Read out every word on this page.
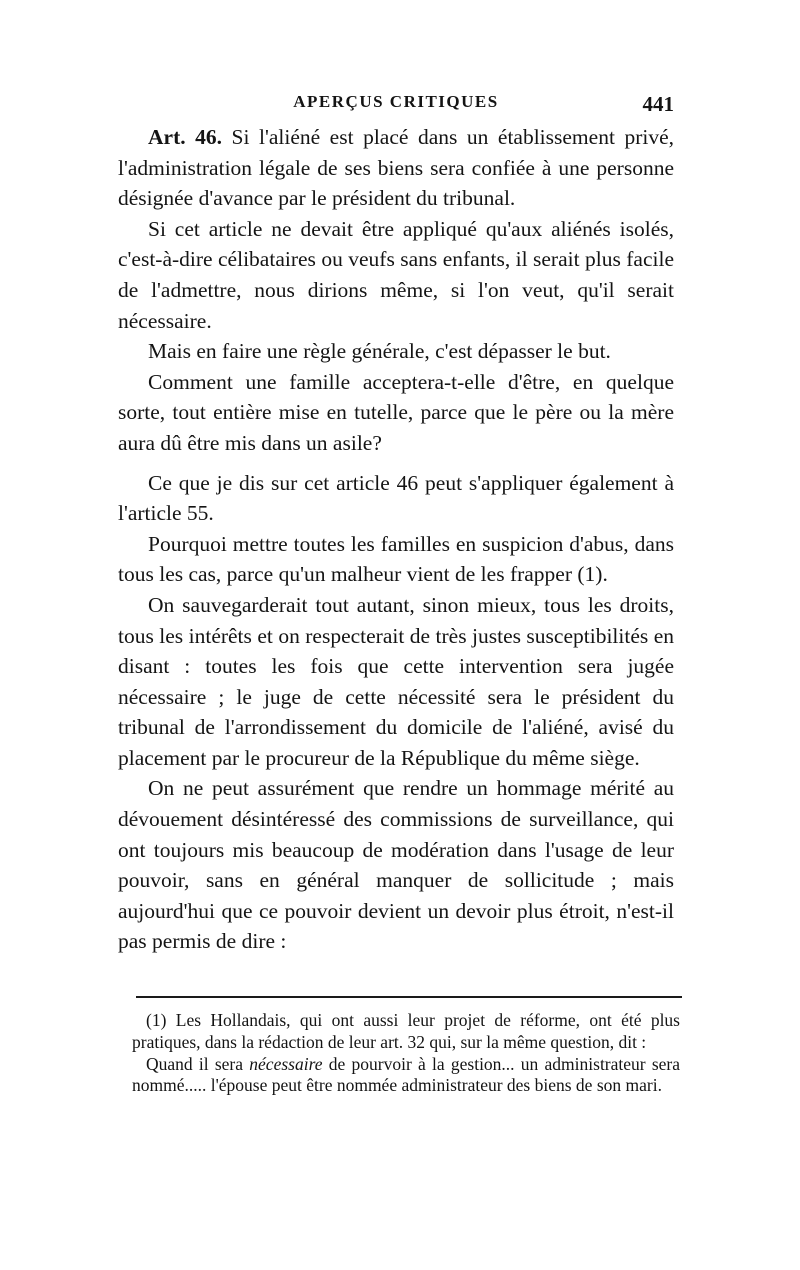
APERÇUS CRITIQUES	441

Art. 46. Si l'aliéné est placé dans un établissement privé, l'administration légale de ses biens sera confiée à une personne désignée d'avance par le président du tribunal.

Si cet article ne devait être appliqué qu'aux aliénés isolés, c'est-à-dire célibataires ou veufs sans enfants, il serait plus facile de l'admettre, nous dirions même, si l'on veut, qu'il serait nécessaire.

Mais en faire une règle générale, c'est dépasser le but.

Comment une famille acceptera-t-elle d'être, en quelque sorte, tout entière mise en tutelle, parce que le père ou la mère aura dû être mis dans un asile?

Ce que je dis sur cet article 46 peut s'appliquer également à l'article 55.

Pourquoi mettre toutes les familles en suspicion d'abus, dans tous les cas, parce qu'un malheur vient de les frapper (1).

On sauvegarderait tout autant, sinon mieux, tous les droits, tous les intérêts et on respecterait de très justes susceptibilités en disant : toutes les fois que cette intervention sera jugée nécessaire ; le juge de cette nécessité sera le président du tribunal de l'arrondissement du domicile de l'aliéné, avisé du placement par le procureur de la République du même siège.

On ne peut assurément que rendre un hommage mérité au dévouement désintéressé des commissions de surveillance, qui ont toujours mis beaucoup de modération dans l'usage de leur pouvoir, sans en général manquer de sollicitude ; mais aujourd'hui que ce pouvoir devient un devoir plus étroit, n'est-il pas permis de dire :

(1) Les Hollandais, qui ont aussi leur projet de réforme, ont été plus pratiques, dans la rédaction de leur art. 32 qui, sur la même question, dit :

Quand il sera nécessaire de pourvoir à la gestion... un administrateur sera nommé..... l'épouse peut être nommée administrateur des biens de son mari.
